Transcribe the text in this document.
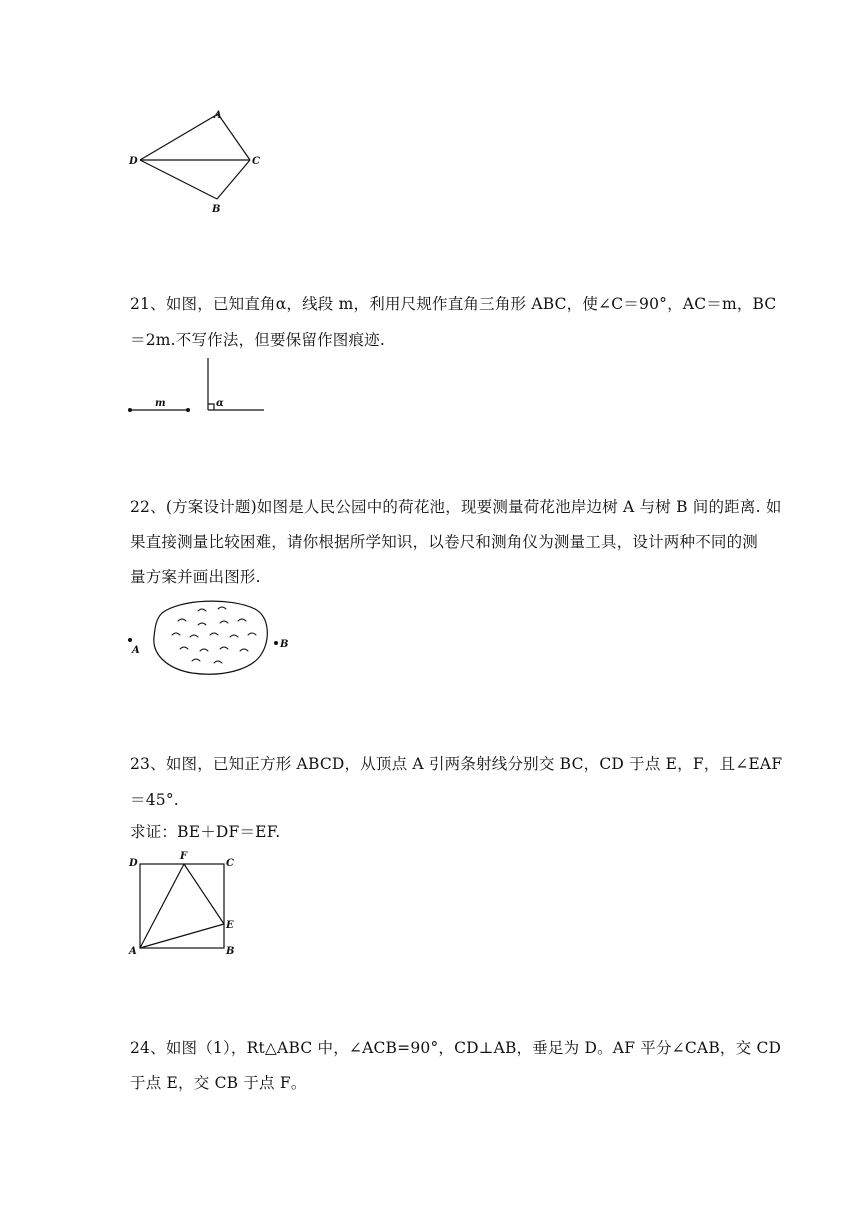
A
D	C
B
21、如图，已知直角α，线段 m，利用尺规作直角三角形 ABC，使∠C＝90°，AC＝m，BC
＝2m.不写作法，但要保留作图痕迹.
m	α
22、(方案设计题)如图是人民公园中的荷花池，现要测量荷花池岸边树 A 与树 B 间的距离. 如
果直接测量比较困难，请你根据所学知识，以卷尺和测角仪为测量工具，设计两种不同的测
量方案并画出图形.
A
B
23、如图，已知正方形 ABCD，从顶点 A 引两条射线分别交 BC，CD 于点 E，F，且∠EAF
＝45°.
求证：BE＋DF＝EF.
D
F
C
E
A	B
24、如图（1），Rt△ABC 中，∠ACB=90°，CD⊥AB，垂足为 D。AF 平分∠CAB，交 CD
于点 E，交 CB 于点 F。
